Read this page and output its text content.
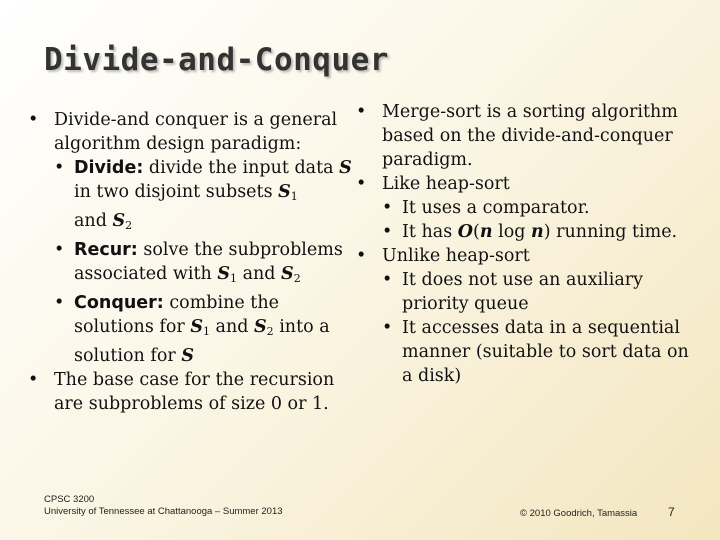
Divide-and-Conquer

• Divide-and conquer is a general algorithm design paradigm:

• Divide: divide the input data S in two disjoint subsets $S_1$
and $S_2$

• Recur: solve the subproblems associated with $S_1$ and $S_2$

• Conquer: combine the solutions for $S_1$ and $S_2$ into a solution for S

• The base case for the recursion are subproblems of size 0 or 1.

• Merge-sort is a sorting algorithm based on the divide-and-conquer paradigm.

• Like heap-sort

• It uses a comparator.

• It has O(n log n) running time.

• Unlike heap-sort

• It does not use an auxiliary priority queue

• It accesses data in a sequential manner (suitable to sort data on a disk)

CPSC 3200
University of Tennessee at Chattanooga – Summer 2013	© 2010 Goodrich, Tamassia	7
